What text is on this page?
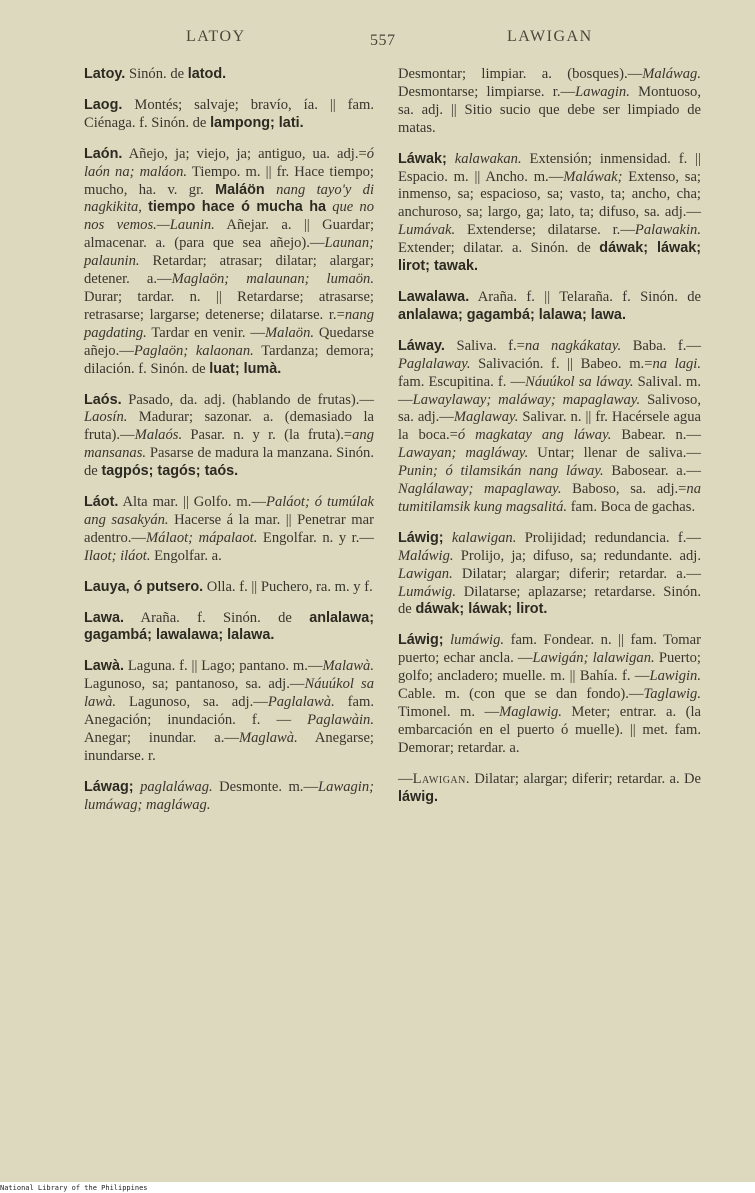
LATOY	557	LAWIGAN

Latoy. Sinón. de latod.

Laog. Montés; salvaje; bravío, ía. || fam. Ciénaga. f. Sinón. de lampong; lati.

Laón. Añejo, ja; viejo, ja; antiguo, ua. adj.=ó laón na; maláon. Tiempo. m. || fr. Hace tiempo; mucho, ha. v. gr. Maláön nang tayo'y di nagkikita, tiempo hace ó mucha ha que no nos vemos.—Launin. Añejar. a. || Guardar; almacenar. a. (para que sea añejo).—Launan; palaunin. Retardar; atrasar; dilatar; alargar; detener. a.—Maglaön; malaunan; lumaön. Durar; tardar. n. || Retardarse; atrasarse; retrasarse; largarse; detenerse; dilatarse. r.=nang pagdating. Tardar en venir. —Malaön. Quedarse añejo.—Paglaön; kalaonan. Tardanza; demora; dilación. f. Sinón. de luat; lumà.

Laós. Pasado, da. adj. (hablando de frutas).—Laosín. Madurar; sazonar. a. (demasiado la fruta).—Malaós. Pasar. n. y r. (la fruta).=ang mansanas. Pasarse de madura la manzana. Sinón. de tagpós; tagós; taós.

Láot. Alta mar. || Golfo. m.—Paláot; ó tumúlak ang sasakyán. Hacerse á la mar. || Penetrar mar adentro.—Málaot; mápalaot. Engolfar. n. y r.—Ilaot; iláot. Engolfar. a.

Lauya, ó putsero. Olla. f. || Puchero, ra. m. y f.

Lawa. Araña. f. Sinón. de anlalawa; gagambá; lawalawa; lalawa.

Lawà. Laguna. f. || Lago; pantano. m.—Malawà. Lagunoso, sa; pantanoso, sa. adj.—Náuúkol sa lawà. Lagunoso, sa. adj.—Paglalawà. fam. Anegación; inundación. f. — Paglawàin. Anegar; inundar. a.—Maglawà. Anegarse; inundarse. r.

Láwag; paglaláwag. Desmonte. m.—Lawagin; lumáwag; magláwag.

Desmontar; limpiar. a. (bosques).—Maláwag. Desmontarse; limpiarse. r.—Lawagin. Montuoso, sa. adj. || Sitio sucio que debe ser limpiado de matas.

Láwak; kalawakan. Extensión; inmensidad. f. || Espacio. m. || Ancho. m.—Maláwak; Extenso, sa; inmenso, sa; espacioso, sa; vasto, ta; ancho, cha; anchuroso, sa; largo, ga; lato, ta; difuso, sa. adj.—Lumávak. Extenderse; dilatarse. r.—Palawakin. Extender; dilatar. a. Sinón. de dáwak; láwak; lirot; tawak.

Lawalawa. Araña. f. || Telaraña. f. Sinón. de anlalawa; gagambá; lalawa; lawa.

Láway. Saliva. f.=na nagkákatay. Baba. f.—Paglalaway. Salivación. f. || Babeo. m.=na lagi. fam. Escupitina. f. —Náuúkol sa láway. Salival. m.—Lawaylaway; maláway; mapaglaway. Salivoso, sa. adj.—Maglaway. Salivar. n. || fr. Hacérsele agua la boca.=ó magkatay ang láway. Babear. n.—Lawayan; magláway. Untar; llenar de saliva.—Punin; ó tilamsikán nang láway. Babosear. a.—Naglálaway; mapaglaway. Baboso, sa. adj.=na tumitilamsik kung magsalitá. fam. Boca de gachas.

Láwig; kalawigan. Prolijidad; redundancia. f.—Maláwig. Prolijo, ja; difuso, sa; redundante. adj. Lawigan. Dilatar; alargar; diferir; retardar. a.—Lumáwig. Dilatarse; aplazarse; retardarse. Sinón. de dáwak; láwak; lirot.

Láwig; lumáwig. fam. Fondear. n. || fam. Tomar puerto; echar ancla. —Lawigán; lalawigan. Puerto; golfo; ancladero; muelle. m. || Bahía. f. —Lawigin. Cable. m. (con que se dan fondo).—Taglawig. Timonel. m. —Maglawig. Meter; entrar. a. (la embarcación en el puerto ó muelle). || met. fam. Demorar; retardar. a.

—Lawigan. Dilatar; alargar; diferir; retardar. a. De láwig.

National Library of the Philippines
